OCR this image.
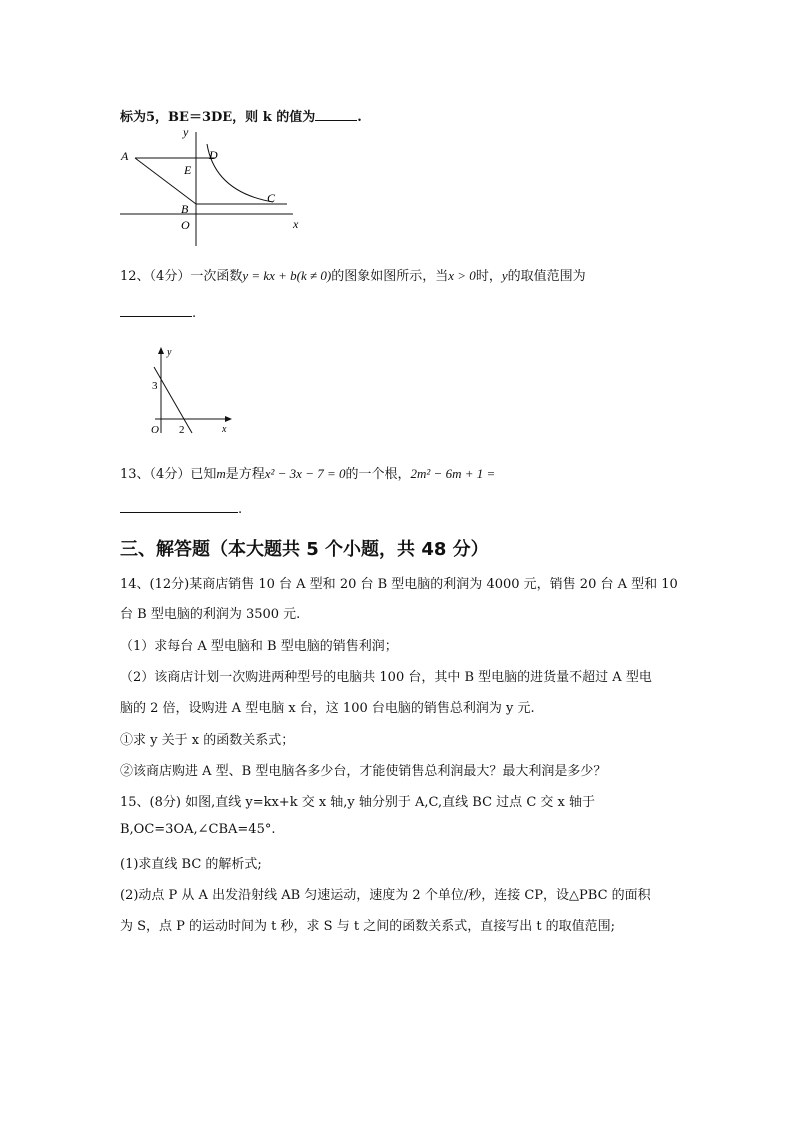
标为5，BE＝3DE，则 k 的值为	.
y
A	D
E
C
B
O	x
12、（4分）一次函数y = kx + b(k ≠ 0)的图象如图所示，当x > 0时，y的取值范围为
.
y
3
O 2	x
13、（4分）已知m是方程x² − 3x − 7 = 0的一个根，2m² − 6m + 1 =
.
三、解答题（本大题共 5 个小题，共 48 分）
14、(12分)某商店销售 10 台 A 型和 20 台 B 型电脑的利润为 4000 元，销售 20 台 A 型和 10
台 B 型电脑的利润为 3500 元.
（1）求每台 A 型电脑和 B 型电脑的销售利润；
（2）该商店计划一次购进两种型号的电脑共 100 台，其中 B 型电脑的进货量不超过 A 型电
脑的 2 倍，设购进 A 型电脑 x 台，这 100 台电脑的销售总利润为 y 元.
①求 y 关于 x 的函数关系式；
②该商店购进 A 型、B 型电脑各多少台，才能使销售总利润最大？最大利润是多少？
15、(8分) 如图,直线 y=kx+k 交 x 轴,y 轴分别于 A,C,直线 BC 过点 C 交 x 轴于
B,OC=3OA,∠CBA=45°.
(1)求直线 BC 的解析式;
(2)动点 P 从 A 出发沿射线 AB 匀速运动，速度为 2 个单位/秒，连接 CP，设△PBC 的面积
为 S，点 P 的运动时间为 t 秒，求 S 与 t 之间的函数关系式，直接写出 t 的取值范围;
